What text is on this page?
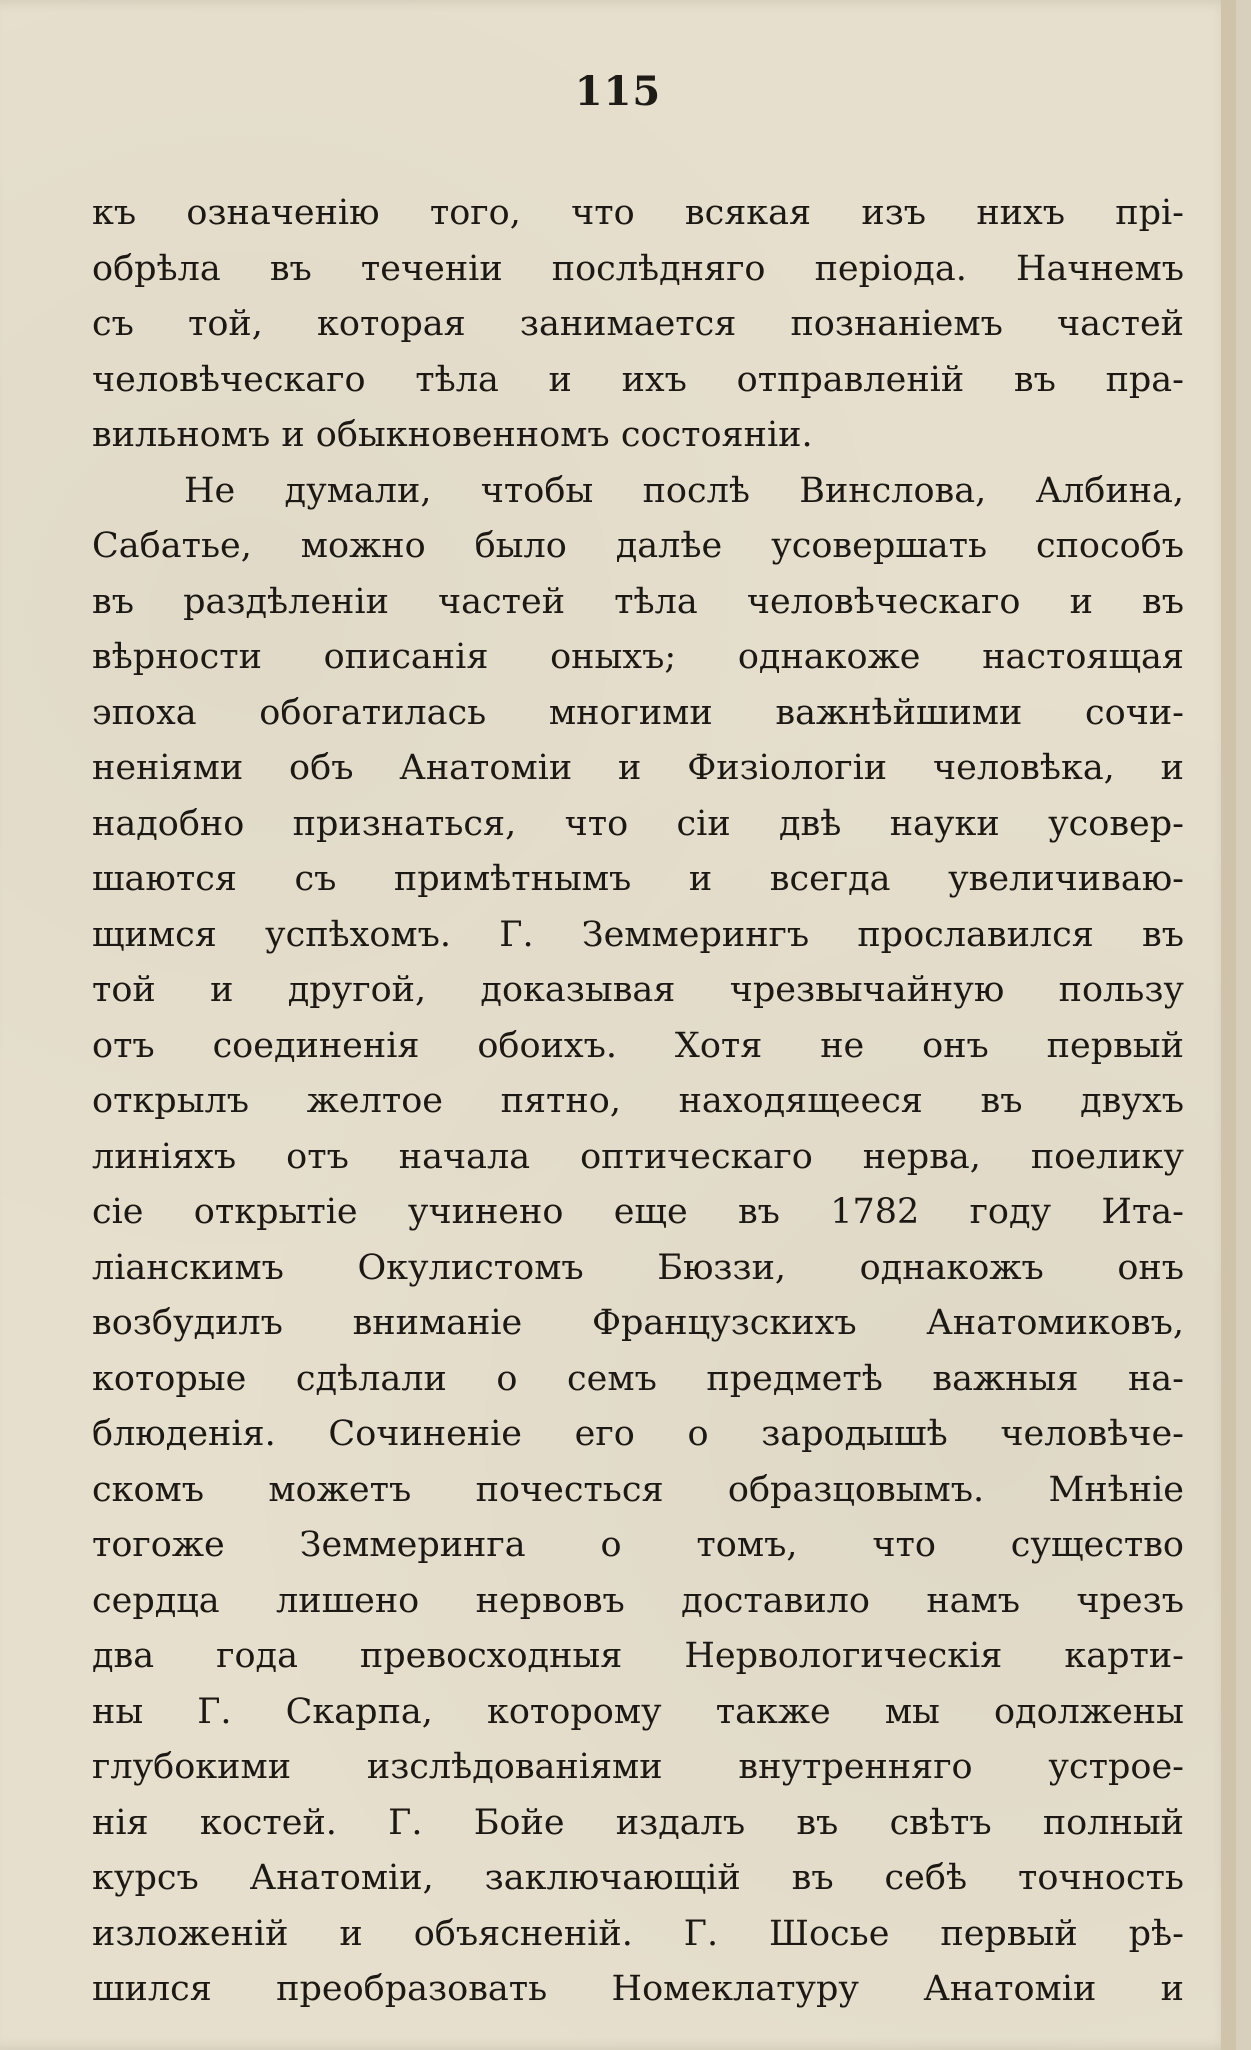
115
къ означенію того, что всякая изъ нихъ прі-
обрѣла въ теченіи послѣдняго періода. Начнемъ
съ той, которая занимается познаніемъ частей
человѣческаго тѣла и ихъ отправленій въ пра-
вильномъ и обыкновенномъ состояніи.
Не думали, чтобы послѣ Винслова, Албина,
Сабатье, можно было далѣе усовершать способъ
въ раздѣленіи частей тѣла человѣческаго и въ
вѣрности описанія оныхъ; однакоже настоящая
эпоха обогатилась многими важнѣйшими сочи-
неніями объ Анатоміи и Физіологіи человѣка, и
надобно признаться, что сіи двѣ науки усовер-
шаются съ примѣтнымъ и всегда увеличиваю-
щимся успѣхомъ. Г. Земмерингъ прославился въ
той и другой, доказывая чрезвычайную пользу
отъ соединенія обоихъ. Хотя не онъ первый
открылъ желтое пятно, находящееся въ двухъ
линіяхъ отъ начала оптическаго нерва, поелику
сіе открытіе учинено еще въ 1782 году Ита-
ліанскимъ Окулистомъ Бюззи, однакожъ онъ
возбудилъ вниманіе Французскихъ Анатомиковъ,
которые сдѣлали о семъ предметѣ важныя на-
блюденія. Сочиненіе его о зародышѣ человѣче-
скомъ можетъ почесться образцовымъ. Мнѣніе
тогоже Земмеринга о томъ, что существо
сердца лишено нервовъ доставило намъ чрезъ
два года превосходныя Нервологическія карти-
ны Г. Скарпа, которому также мы одолжены
глубокими изслѣдованіями внутренняго устрое-
нія костей. Г. Бойе издалъ въ свѣтъ полный
курсъ Анатоміи, заключающій въ себѣ точность
изложеній и объясненій. Г. Шосье первый рѣ-
шился преобразовать Номеклатуру Анатоміи и
